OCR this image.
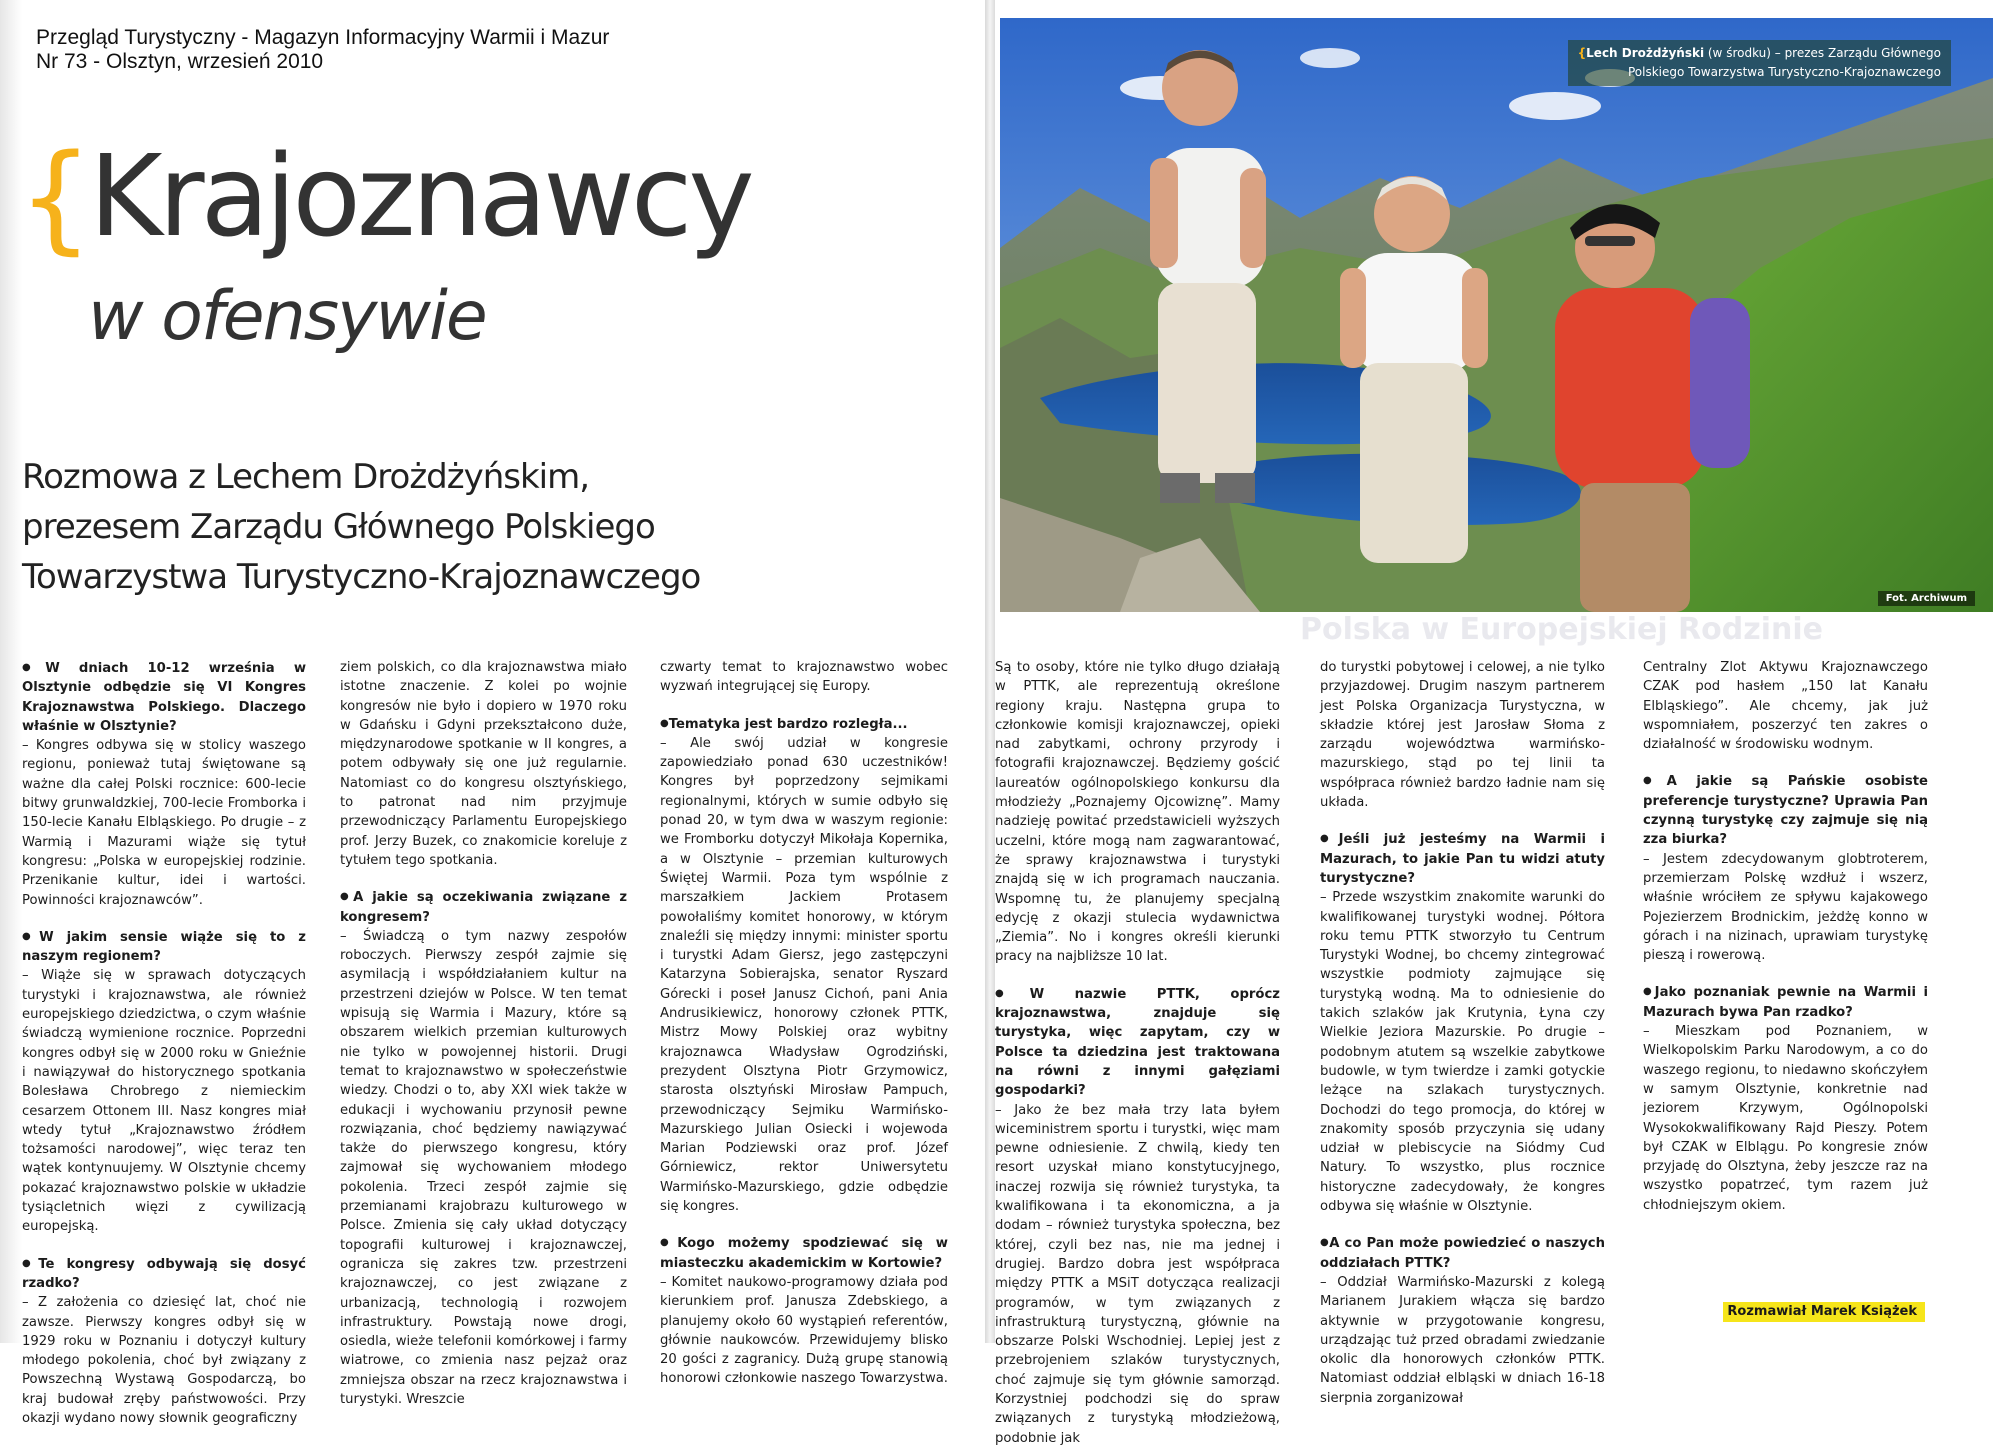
Przegląd Turystyczny - Magazyn Informacyjny Warmii i Mazur
Nr 73 - Olsztyn, wrzesień 2010
{Krajoznawcy
w ofensywie
Rozmowa z Lechem Drożdżyńskim,
prezesem Zarządu Głównego Polskiego
Towarzystwa Turystyczno-Krajoznawczego
{Lech Drożdżyński (w środku) – prezes Zarządu Głównego
Polskiego Towarzystwa Turystyczno-Krajoznawczego
Fot. Archiwum
Polska w Europejskiej Rodzinie

● W dniach 10-12 września w Olsztynie odbędzie się VI Kongres Krajoznawstwa Polskiego. Dlaczego właśnie w Olsztynie?

– Kongres odbywa się w stolicy waszego regionu, ponieważ tutaj świętowane są ważne dla całej Polski rocznice: 600-lecie bitwy grunwaldzkiej, 700-lecie Fromborka i 150-lecie Kanału Elbląskiego. Po drugie – z Warmią i Mazurami wiąże się tytuł kongresu: „Polska w europejskiej rodzinie. Przenikanie kultur, idei i wartości. Powinności krajoznawców”.

● W jakim sensie wiąże się to z naszym regionem?

– Wiąże się w sprawach dotyczących turystyki i krajoznawstwa, ale również europejskiego dziedzictwa, o czym właśnie świadczą wymienione rocznice. Poprzedni kongres odbył się w 2000 roku w Gnieźnie i nawiązywał do historycznego spotkania Bolesława Chrobrego z niemieckim cesarzem Ottonem III. Nasz kongres miał wtedy tytuł „Krajoznawstwo źródłem tożsamości narodowej”, więc teraz ten wątek kontynuujemy. W Olsztynie chcemy pokazać krajoznawstwo polskie w układzie tysiącletnich więzi z cywilizacją europejską.

● Te kongresy odbywają się dosyć rzadko?

– Z założenia co dziesięć lat, choć nie zawsze. Pierwszy kongres odbył się w 1929 roku w Poznaniu i dotyczył kultury młodego pokolenia, choć był związany z Powszechną Wystawą Gospodarczą, bo kraj budował zręby państwowości. Przy okazji wydano nowy słownik geograficzny

ziem polskich, co dla krajoznawstwa miało istotne znaczenie. Z kolei po wojnie kongresów nie było i dopiero w 1970 roku w Gdańsku i Gdyni przekształcono duże, międzynarodowe spotkanie w II kongres, a potem odbywały się one już regularnie. Natomiast co do kongresu olsztyńskiego, to patronat nad nim przyjmuje przewodniczący Parlamentu Europejskiego prof. Jerzy Buzek, co znakomicie koreluje z tytułem tego spotkania.

● A jakie są oczekiwania związane z kongresem?

– Świadczą o tym nazwy zespołów roboczych. Pierwszy zespół zajmie się asymilacją i współdziałaniem kultur na przestrzeni dziejów w Polsce. W ten temat wpisują się Warmia i Mazury, które są obszarem wielkich przemian kulturowych nie tylko w powojennej historii. Drugi temat to krajoznawstwo w społeczeństwie wiedzy. Chodzi o to, aby XXI wiek także w edukacji i wychowaniu przynosił pewne rozwiązania, choć będziemy nawiązywać także do pierwszego kongresu, który zajmował się wychowaniem młodego pokolenia. Trzeci zespół zajmie się przemianami krajobrazu kulturowego w Polsce. Zmienia się cały układ dotyczący topografii kulturowej i krajoznawczej, ogranicza się zakres tzw. przestrzeni krajoznawczej, co jest związane z urbanizacją, technologią i rozwojem infrastruktury. Powstają nowe drogi, osiedla, wieże telefonii komórkowej i farmy wiatrowe, co zmienia nasz pejzaż oraz zmniejsza obszar na rzecz krajoznawstwa i turystyki. Wreszcie

czwarty temat to krajoznawstwo wobec wyzwań integrującej się Europy.

● Tematyka jest bardzo rozległa...

– Ale swój udział w kongresie zapowiedziało ponad 630 uczestników! Kongres był poprzedzony sejmikami regionalnymi, których w sumie odbyło się ponad 20, w tym dwa w waszym regionie: we Fromborku dotyczył Mikołaja Kopernika, a w Olsztynie – przemian kulturowych Świętej Warmii. Poza tym wspólnie z marszałkiem Jackiem Protasem powołaliśmy komitet honorowy, w którym znaleźli się między innymi: minister sportu i turystki Adam Giersz, jego zastępczyni Katarzyna Sobierajska, senator Ryszard Górecki i poseł Janusz Cichoń, pani Ania Andrusikiewicz, honorowy członek PTTK, Mistrz Mowy Polskiej oraz wybitny krajoznawca Władysław Ogrodziński, prezydent Olsztyna Piotr Grzymowicz, starosta olsztyński Mirosław Pampuch, przewodniczący Sejmiku Warmińsko-Mazurskiego Julian Osiecki i wojewoda Marian Podziewski oraz prof. Józef Górniewicz, rektor Uniwersytetu Warmińsko-Mazurskiego, gdzie odbędzie się kongres.

● Kogo możemy spodziewać się w miasteczku akademickim w Kortowie?

– Komitet naukowo-programowy działa pod kierunkiem prof. Janusza Zdebskiego, a planujemy około 60 wystąpień referentów, głównie naukowców. Przewidujemy blisko 20 gości z zagranicy. Dużą grupę stanowią honorowi członkowie naszego Towarzystwa.

Są to osoby, które nie tylko długo działają w PTTK, ale reprezentują określone regiony kraju. Następna grupa to członkowie komisji krajoznawczej, opieki nad zabytkami, ochrony przyrody i fotografii krajoznawczej. Będziemy gościć laureatów ogólnopolskiego konkursu dla młodzieży „Poznajemy Ojcowiznę”. Mamy nadzieję powitać przedstawicieli wyższych uczelni, które mogą nam zagwarantować, że sprawy krajoznawstwa i turystyki znajdą się w ich programach nauczania. Wspomnę tu, że planujemy specjalną edycję z okazji stulecia wydawnictwa „Ziemia”. No i kongres określi kierunki pracy na najbliższe 10 lat.

● W nazwie PTTK, oprócz krajoznawstwa, znajduje się turystyka, więc zapytam, czy w Polsce ta dziedzina jest traktowana na równi z innymi gałęziami gospodarki?

– Jako że bez mała trzy lata byłem wiceministrem sportu i turystki, więc mam pewne odniesienie. Z chwilą, kiedy ten resort uzyskał miano konstytucyjnego, inaczej rozwija się również turystyka, ta kwalifikowana i ta ekonomiczna, a ja dodam – również turystyka społeczna, bez której, czyli bez nas, nie ma jednej i drugiej. Bardzo dobra jest współpraca między PTTK a MSiT dotycząca realizacji programów, w tym związanych z infrastrukturą turystyczną, głównie na obszarze Polski Wschodniej. Lepiej jest z przebrojeniem szlaków turystycznych, choć zajmuje się tym głównie samorząd. Korzystniej podchodzi się do spraw związanych z turystyką młodzieżową, podobnie jak

do turystki pobytowej i celowej, a nie tylko przyjazdowej. Drugim naszym partnerem jest Polska Organizacja Turystyczna, w składzie której jest Jarosław Słoma z zarządu województwa warmińsko-mazurskiego, stąd po tej linii ta współpraca również bardzo ładnie nam się układa.

● Jeśli już jesteśmy na Warmii i Mazurach, to jakie Pan tu widzi atuty turystyczne?

– Przede wszystkim znakomite warunki do kwalifikowanej turystyki wodnej. Półtora roku temu PTTK stworzyło tu Centrum Turystyki Wodnej, bo chcemy zintegrować wszystkie podmioty zajmujące się turystyką wodną. Ma to odniesienie do takich szlaków jak Krutynia, Łyna czy Wielkie Jeziora Mazurskie. Po drugie – podobnym atutem są wszelkie zabytkowe budowle, w tym twierdze i zamki gotyckie leżące na szlakach turystycznych. Dochodzi do tego promocja, do której w znakomity sposób przyczynia się udany udział w plebiscycie na Siódmy Cud Natury. To wszystko, plus rocznice historyczne zadecydowały, że kongres odbywa się właśnie w Olsztynie.

● A co Pan może powiedzieć o naszych oddziałach PTTK?

– Oddział Warmińsko-Mazurski z kolegą Marianem Jurakiem włącza się bardzo aktywnie w przygotowanie kongresu, urządzając tuż przed obradami zwiedzanie okolic dla honorowych członków PTTK. Natomiast oddział elbląski w dniach 16-18 sierpnia zorganizował

Centralny Zlot Aktywu Krajoznawczego CZAK pod hasłem „150 lat Kanału Elbląskiego”. Ale chcemy, jak już wspomniałem, poszerzyć ten zakres o działalność w środowisku wodnym.

● A jakie są Pańskie osobiste preferencje turystyczne? Uprawia Pan czynną turystykę czy zajmuje się nią zza biurka?

– Jestem zdecydowanym globtroterem, przemierzam Polskę wzdłuż i wszerz, właśnie wróciłem ze spływu kajakowego Pojezierzem Brodnickim, jeżdżę konno w górach i na nizinach, uprawiam turystykę pieszą i rowerową.

● Jako poznaniak pewnie na Warmii i Mazurach bywa Pan rzadko?

– Mieszkam pod Poznaniem, w Wielkopolskim Parku Narodowym, a co do waszego regionu, to niedawno skończyłem w samym Olsztynie, konkretnie nad jeziorem Krzywym, Ogólnopolski Wysokokwalifikowany Rajd Pieszy. Potem był CZAK w Elblągu. Po kongresie znów przyjadę do Olsztyna, żeby jeszcze raz na wszystko popatrzeć, tym razem już chłodniejszym okiem.

Rozmawiał Marek Książek
